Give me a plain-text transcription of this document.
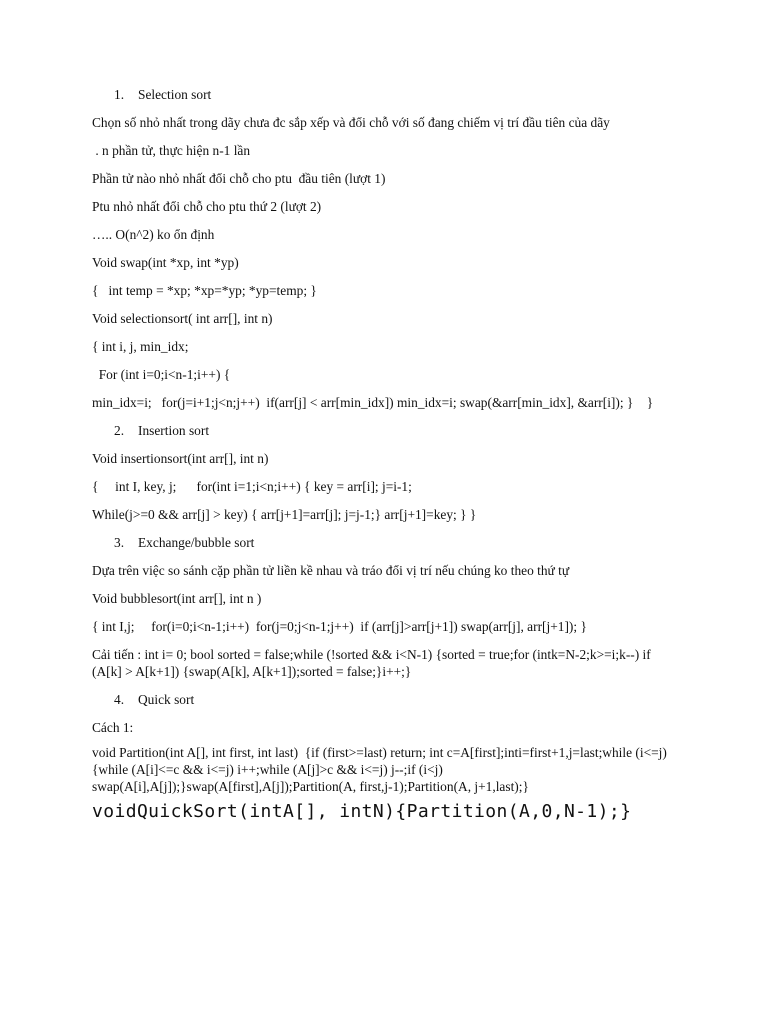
1. Selection sort

Chọn số nhỏ nhất trong dãy chưa đc sắp xếp và đổi chỗ với số đang chiếm vị trí đầu tiên của dãy

. n phần tử, thực hiện n-1 lần

Phần tử nào nhỏ nhất đổi chỗ cho ptu  đầu tiên (lượt 1)

Ptu nhỏ nhất đổi chỗ cho ptu thứ 2 (lượt 2)

….. O(n^2) ko ổn định

Void swap(int *xp, int *yp)

{   int temp = *xp; *xp=*yp; *yp=temp; }

Void selectionsort( int arr[], int n)

{ int i, j, min_idx;

For (int i=0;i<n-1;i++) {

min_idx=i;   for(j=i+1;j<n;j++)  if(arr[j] < arr[min_idx]) min_idx=i; swap(&arr[min_idx], &arr[i]); }    }

2. Insertion sort

Void insertionsort(int arr[], int n)

{     int I, key, j;      for(int i=1;i<n;i++) { key = arr[i]; j=i-1;

While(j>=0 && arr[j] > key) { arr[j+1]=arr[j]; j=j-1;} arr[j+1]=key; } }

3. Exchange/bubble sort

Dựa trên việc so sánh cặp phần tử liền kề nhau và tráo đổi vị trí nếu chúng ko theo thứ tự

Void bubblesort(int arr[], int n )

{ int I,j;     for(i=0;i<n-1;i++)  for(j=0;j<n-1;j++)  if (arr[j]>arr[j+1]) swap(arr[j], arr[j+1]); }

Cải tiến : int i= 0; bool sorted = false;while (!sorted && i<N-1) {sorted = true;for (intk=N-2;k>=i;k--) if (A[k] > A[k+1]) {swap(A[k], A[k+1]);sorted = false;}i++;}

4. Quick sort

Cách 1:

void Partition(int A[], int first, int last)  {if (first>=last) return; int c=A[first];inti=first+1,j=last;while (i<=j){while (A[i]<=c && i<=j) i++;while (A[j]>c && i<=j) j--;if (i<j) swap(A[i],A[j]);}swap(A[first],A[j]);Partition(A, first,j-1);Partition(A, j+1,last);}

voidQuickSort(intA[], intN){Partition(A,0,N-1);}
